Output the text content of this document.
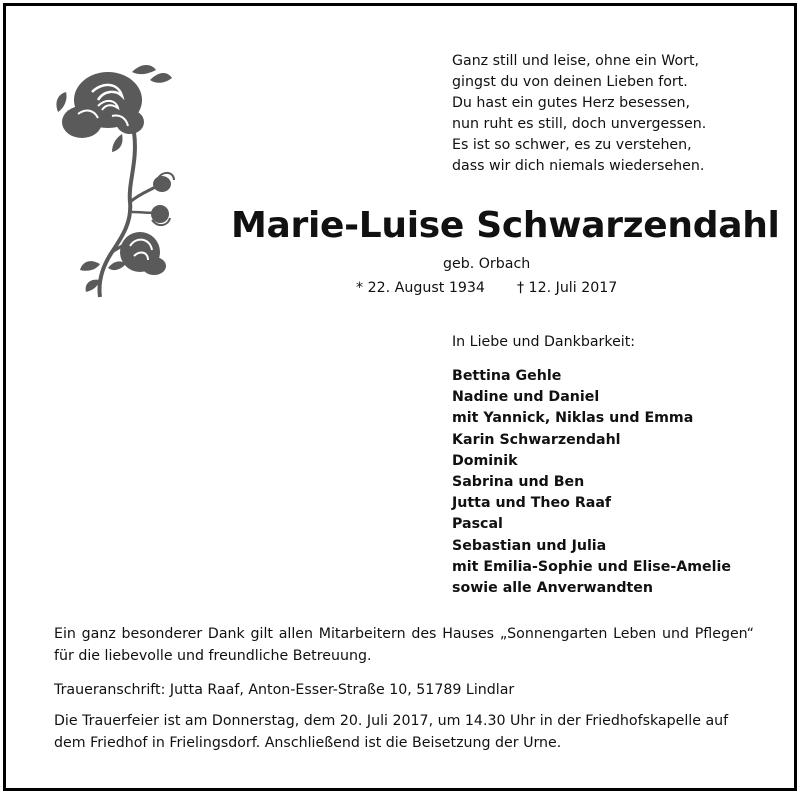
Ganz still und leise, ohne ein Wort,
gingst du von deinen Lieben fort.
Du hast ein gutes Herz besessen,
nun ruht es still, doch unvergessen.
Es ist so schwer, es zu verstehen,
dass wir dich niemals wiedersehen.
Marie-Luise Schwarzendahl
geb. Orbach
* 22. August 1934 † 12. Juli 2017
In Liebe und Dankbarkeit:
Bettina Gehle
Nadine und Daniel
mit Yannick, Niklas und Emma
Karin Schwarzendahl
Dominik
Sabrina und Ben
Jutta und Theo Raaf
Pascal
Sebastian und Julia
mit Emilia-Sophie und Elise-Amelie
sowie alle Anverwandten
Ein ganz besonderer Dank gilt allen Mitarbeitern des Hauses „Sonnengarten Leben und Pflegen“ für die liebevolle und freundliche Betreuung.
Traueranschrift: Jutta Raaf, Anton-Esser-Straße 10, 51789 Lindlar
Die Trauerfeier ist am Donnerstag, dem 20. Juli 2017, um 14.30 Uhr in der Friedhofskapelle auf dem Friedhof in Frielingsdorf. Anschließend ist die Beisetzung der Urne.
